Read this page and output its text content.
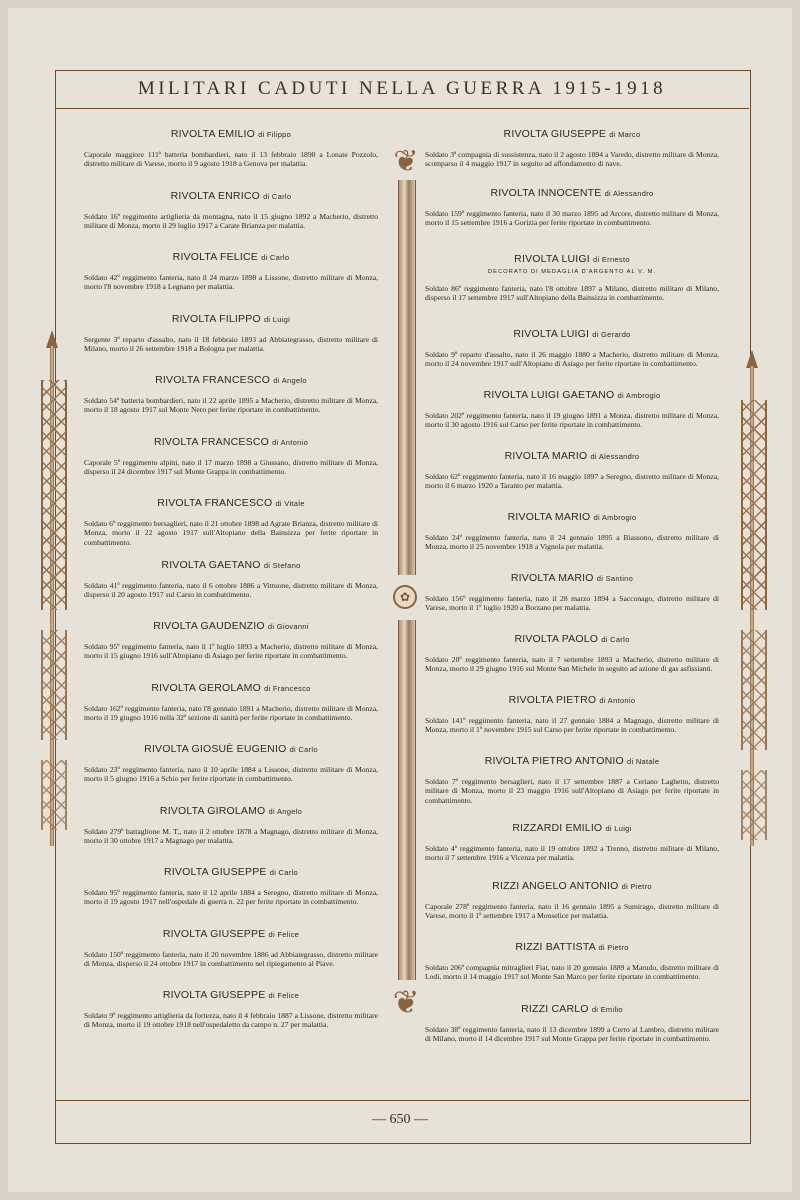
MILITARI CADUTI NELLA GUERRA 1915-1918
✿
❦
❦
RIVOLTA EMILIO di Filippo
Caporale maggiore 111ª batteria bombardieri, nato il 13 febbraio 1890 a Lonate Pozzolo, distretto militare di Varese, morto il 9 agosto 1918 a Genova per malattia.
RIVOLTA ENRICO di Carlo
Soldato 16º reggimento artiglieria da montagna, nato il 15 giugno 1892 a Macherio, distretto militare di Monza, morto il 29 luglio 1917 a Carate Brianza per malattia.
RIVOLTA FELICE di Carlo
Soldato 42º reggimento fanteria, nato il 24 marzo 1898 a Lissone, distretto militare di Monza, morto l'8 novembre 1918 a Legnano per malattia.
RIVOLTA FILIPPO di Luigi
Sergente 3º reparto d'assalto, nato il 18 febbraio 1893 ad Abbiategrasso, distretto militare di Milano, morto il 26 settembre 1918 a Bologna per malattia.
RIVOLTA FRANCESCO di Angelo
Soldato 54ª batteria bombardieri, nato il 22 aprile 1895 a Macherio, distretto militare di Monza, morto il 18 agosto 1917 sul Monte Nero per ferite riportate in combattimento.
RIVOLTA FRANCESCO di Antonio
Caporale 5º reggimento alpini, nato il 17 marzo 1898 a Giussano, distretto militare di Monza, disperso il 24 dicembre 1917 sul Monte Grappa in combattimento.
RIVOLTA FRANCESCO di Vitale
Soldato 6º reggimento bersaglieri, nato il 21 ottobre 1898 ad Agrate Brianza, distretto militare di Monza, morto il 22 agosto 1917 sull'Altopiano della Bainsizza per ferite riportate in combattimento.
RIVOLTA GAETANO di Stefano
Soldato 41º reggimento fanteria, nato il 6 ottobre 1886 a Vittuone, distretto militare di Monza, disperso il 20 agosto 1917 sul Carso in combattimento.
RIVOLTA GAUDENZIO di Giovanni
Soldato 95º reggimento fanteria, nato il 1º luglio 1893 a Macherio, distretto militare di Monza, morto il 15 giugno 1916 sull'Altopiano di Asiago per ferite riportate in combattimento.
RIVOLTA GEROLAMO di Francesco
Soldato 162º reggimento fanteria, nato l'8 gennaio 1891 a Macherio, distretto militare di Monza, morto il 19 giugno 1916 nella 32ª sezione di sanità per ferite riportate in combattimento.
RIVOLTA GIOSUÈ EUGENIO di Carlo
Soldato 23º reggimento fanteria, nato il 10 aprile 1884 a Lissone, distretto militare di Monza, morto il 5 giugno 1916 a Schio per ferite riportate in combattimento.
RIVOLTA GIROLAMO di Angelo
Soldato 279º battaglione M. T., nato il 2 ottobre 1878 a Magnago, distretto militare di Monza, morto il 30 ottobre 1917 a Magnago per malattia.
RIVOLTA GIUSEPPE di Carlo
Soldato 95º reggimento fanteria, nato il 12 aprile 1884 a Seregno, distretto militare di Monza, morto il 19 agosto 1917 nell'ospedale di guerra n. 22 per ferite riportate in combattimento.
RIVOLTA GIUSEPPE di Felice
Soldato 150º reggimento fanteria, nato il 20 novembre 1886 ad Abbiategrasso, distretto militare di Monza, disperso il 24 ottobre 1917 in combattimento nel ripiegamento al Piave.
RIVOLTA GIUSEPPE di Felice
Soldato 9º reggimento artiglieria da fortezza, nato il 4 febbraio 1887 a Lissone, distretto militare di Monza, morto il 19 ottobre 1918 nell'ospedaletto da campo n. 27 per malattia.
RIVOLTA GIUSEPPE di Marco
Soldato 3ª compagnia di sussistenza, nato il 2 agosto 1894 a Varedo, distretto militare di Monza, scomparso il 4 maggio 1917 in seguito ad affondamento di nave.
RIVOLTA INNOCENTE di Alessandro
Soldato 159º reggimento fanteria, nato il 30 marzo 1895 ad Arcore, distretto militare di Monza, morto il 15 settembre 1916 a Gorizia per ferite riportate in combattimento.
RIVOLTA LUIGI di Ernesto
DECORATO DI MEDAGLIA D'ARGENTO AL V. M.
Soldato 86º reggimento fanteria, nato l'8 ottobre 1897 a Milano, distretto militare di Milano, disperso il 17 settembre 1917 sull'Altopiano della Bainsizza in combattimento.
RIVOLTA LUIGI di Gerardo
Soldato 9º reparto d'assalto, nato il 26 maggio 1880 a Macherio, distretto militare di Monza, morto il 24 novembre 1917 sull'Altopiano di Asiago per ferite riportate in combattimento.
RIVOLTA LUIGI GAETANO di Ambrogio
Soldato 202º reggimento fanteria, nato il 19 giugno 1891 a Monza, distretto militare di Monza, morto il 30 agosto 1916 sul Carso per ferite riportate in combattimento.
RIVOLTA MARIO di Alessandro
Soldato 62º reggimento fanteria, nato il 16 maggio 1897 a Seregno, distretto militare di Monza, morto il 6 marzo 1920 a Taranto per malattia.
RIVOLTA MARIO di Ambrogio
Soldato 24º reggimento fanteria, nato il 24 gennaio 1895 a Biassono, distretto militare di Monza, morto il 25 novembre 1918 a Vignola per malattia.
RIVOLTA MARIO di Santino
Soldato 156º reggimento fanteria, nato il 28 marzo 1894 a Sacconago, distretto militare di Varese, morto il 1º luglio 1920 a Borzano per malattia.
RIVOLTA PAOLO di Carlo
Soldato 20º reggimento fanteria, nato il 7 settembre 1893 a Macherio, distretto militare di Monza, morto il 29 giugno 1916 sul Monte San Michele in seguito ad azione di gas asfissianti.
RIVOLTA PIETRO di Antonio
Soldato 141º reggimento fanteria, nato il 27 gennaio 1884 a Magnago, distretto militare di Monza, morto il 1º novembre 1915 sul Carso per ferite riportate in combattimento.
RIVOLTA PIETRO ANTONIO di Natale
Soldato 7º reggimento bersaglieri, nato il 17 settembre 1887 a Ceriano Laghetto, distretto militare di Monza, morto il 23 maggio 1916 sull'Altopiano di Asiago per ferite riportate in combattimento.
RIZZARDI EMILIO di Luigi
Soldato 4º reggimento fanteria, nato il 19 ottobre 1892 a Trenno, distretto militare di Milano, morto il 7 settembre 1916 a Vicenza per malattia.
RIZZI ANGELO ANTONIO di Pietro
Caporale 278º reggimento fanteria, nato il 16 gennaio 1895 a Sumirago, distretto militare di Varese, morto il 1º settembre 1917 a Monselice per malattia.
RIZZI BATTISTA di Pietro
Soldato 206ª compagnia mitraglieri Fiat, nato il 20 gennaio 1889 a Marudo, distretto militare di Lodi, morto il 14 maggio 1917 sul Monte San Marco per ferite riportate in combattimento.
RIZZI CARLO di Emilio
Soldato 38º reggimento fanteria, nato il 13 dicembre 1899 a Cerro al Lambro, distretto militare di Milano, morto il 14 dicembre 1917 sul Monte Grappa per ferite riportate in combattimento.
— 650 —
